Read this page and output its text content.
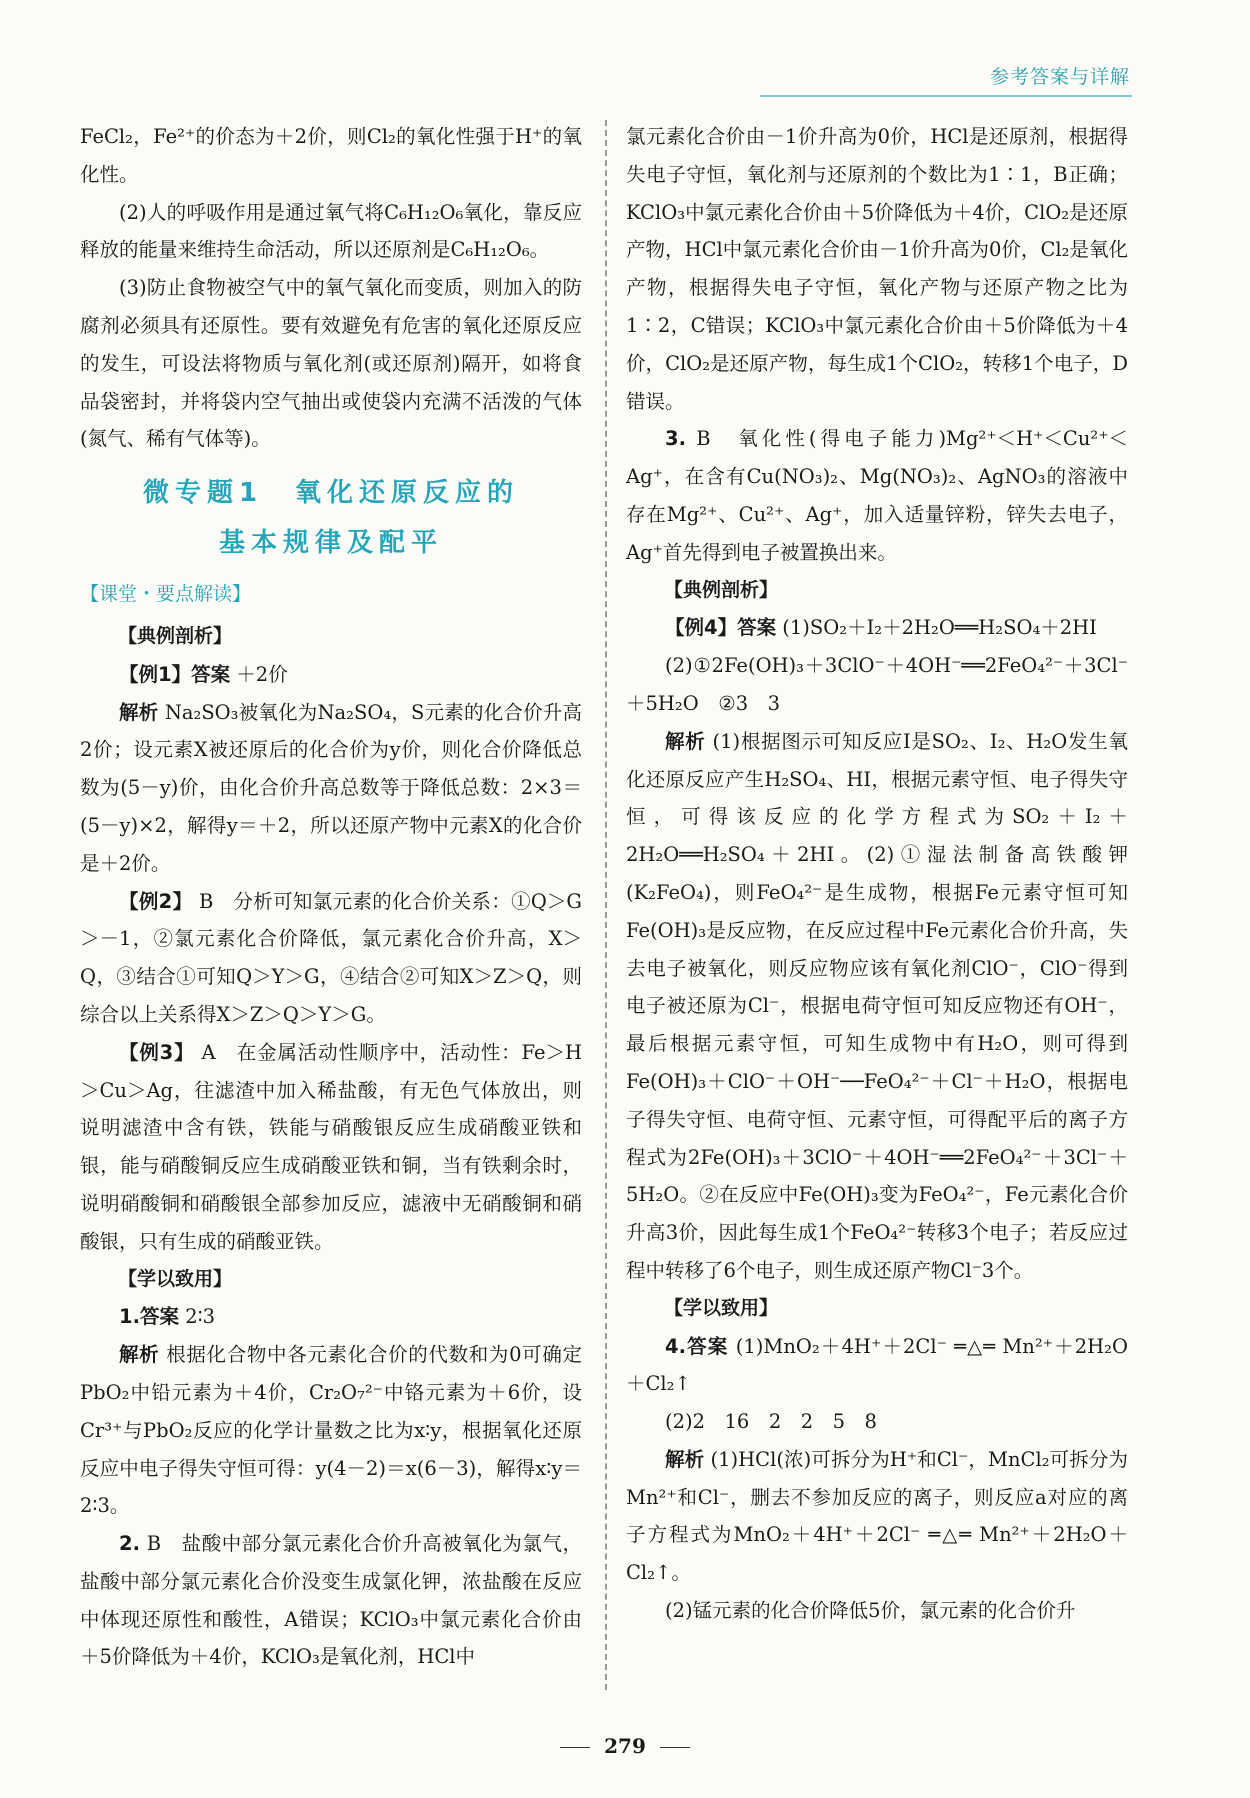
参考答案与详解

FeCl₂，Fe²⁺的价态为＋2价，则Cl₂的氧化性强于H⁺的氧化性。

(2)人的呼吸作用是通过氧气将C₆H₁₂O₆氧化，靠反应释放的能量来维持生命活动，所以还原剂是C₆H₁₂O₆。

(3)防止食物被空气中的氧气氧化而变质，则加入的防腐剂必须具有还原性。要有效避免有危害的氧化还原反应的发生，可设法将物质与氧化剂(或还原剂)隔开，如将食品袋密封，并将袋内空气抽出或使袋内充满不活泼的气体(氮气、稀有气体等)。

微专题1　氧化还原反应的
基本规律及配平
【课堂・要点解读】

【典例剖析】

【例1】答案 ＋2价

解析 Na₂SO₃被氧化为Na₂SO₄，S元素的化合价升高2价；设元素X被还原后的化合价为y价，则化合价降低总数为(5－y)价，由化合价升高总数等于降低总数：2×3＝(5－y)×2，解得y＝＋2，所以还原产物中元素X的化合价是＋2价。

【例2】 B　分析可知氯元素的化合价关系：①Q＞G＞－1，②氯元素化合价降低，氯元素化合价升高，X＞Q，③结合①可知Q＞Y＞G，④结合②可知X＞Z＞Q，则综合以上关系得X＞Z＞Q＞Y＞G。

【例3】 A　在金属活动性顺序中，活动性：Fe＞H＞Cu＞Ag，往滤渣中加入稀盐酸，有无色气体放出，则说明滤渣中含有铁，铁能与硝酸银反应生成硝酸亚铁和银，能与硝酸铜反应生成硝酸亚铁和铜，当有铁剩余时，说明硝酸铜和硝酸银全部参加反应，滤液中无硝酸铜和硝酸银，只有生成的硝酸亚铁。

【学以致用】

1.答案 2∶3

解析 根据化合物中各元素化合价的代数和为0可确定PbO₂中铅元素为＋4价，Cr₂O₇²⁻中铬元素为＋6价，设Cr³⁺与PbO₂反应的化学计量数之比为x∶y，根据氧化还原反应中电子得失守恒可得：y(4－2)＝x(6－3)，解得x∶y＝2∶3。

2. B　盐酸中部分氯元素化合价升高被氧化为氯气，盐酸中部分氯元素化合价没变生成氯化钾，浓盐酸在反应中体现还原性和酸性，A错误；KClO₃中氯元素化合价由＋5价降低为＋4价，KClO₃是氧化剂，HCl中

氯元素化合价由－1价升高为0价，HCl是还原剂，根据得失电子守恒，氧化剂与还原剂的个数比为1∶1，B正确；KClO₃中氯元素化合价由＋5价降低为＋4价，ClO₂是还原产物，HCl中氯元素化合价由－1价升高为0价，Cl₂是氧化产物，根据得失电子守恒，氧化产物与还原产物之比为1∶2，C错误；KClO₃中氯元素化合价由＋5价降低为＋4价，ClO₂是还原产物，每生成1个ClO₂，转移1个电子，D错误。

3. B　氧化性(得电子能力)Mg²⁺＜H⁺＜Cu²⁺＜Ag⁺，在含有Cu(NO₃)₂、Mg(NO₃)₂、AgNO₃的溶液中存在Mg²⁺、Cu²⁺、Ag⁺，加入适量锌粉，锌失去电子，Ag⁺首先得到电子被置换出来。

【典例剖析】

【例4】答案 (1)SO₂＋I₂＋2H₂O══H₂SO₄＋2HI

(2)①2Fe(OH)₃＋3ClO⁻＋4OH⁻══2FeO₄²⁻＋3Cl⁻＋5H₂O　②3　3

解析 (1)根据图示可知反应Ⅰ是SO₂、I₂、H₂O发生氧化还原反应产生H₂SO₄、HI，根据元素守恒、电子得失守恒，可得该反应的化学方程式为SO₂＋I₂＋2H₂O══H₂SO₄＋2HI。(2)①湿法制备高铁酸钾(K₂FeO₄)，则FeO₄²⁻是生成物，根据Fe元素守恒可知Fe(OH)₃是反应物，在反应过程中Fe元素化合价升高，失去电子被氧化，则反应物应该有氧化剂ClO⁻，ClO⁻得到电子被还原为Cl⁻，根据电荷守恒可知反应物还有OH⁻，最后根据元素守恒，可知生成物中有H₂O，则可得到Fe(OH)₃＋ClO⁻＋OH⁻──FeO₄²⁻＋Cl⁻＋H₂O，根据电子得失守恒、电荷守恒、元素守恒，可得配平后的离子方程式为2Fe(OH)₃＋3ClO⁻＋4OH⁻══2FeO₄²⁻＋3Cl⁻＋5H₂O。②在反应中Fe(OH)₃变为FeO₄²⁻，Fe元素化合价升高3价，因此每生成1个FeO₄²⁻转移3个电子；若反应过程中转移了6个电子，则生成还原产物Cl⁻3个。

【学以致用】

4.答案 (1)MnO₂＋4H⁺＋2Cl⁻ ═△═ Mn²⁺＋2H₂O＋Cl₂↑

(2)2　16　2　2　5　8

解析 (1)HCl(浓)可拆分为H⁺和Cl⁻，MnCl₂可拆分为Mn²⁺和Cl⁻，删去不参加反应的离子，则反应a对应的离子方程式为MnO₂＋4H⁺＋2Cl⁻ ═△═ Mn²⁺＋2H₂O＋Cl₂↑。

(2)锰元素的化合价降低5价，氯元素的化合价升

279
